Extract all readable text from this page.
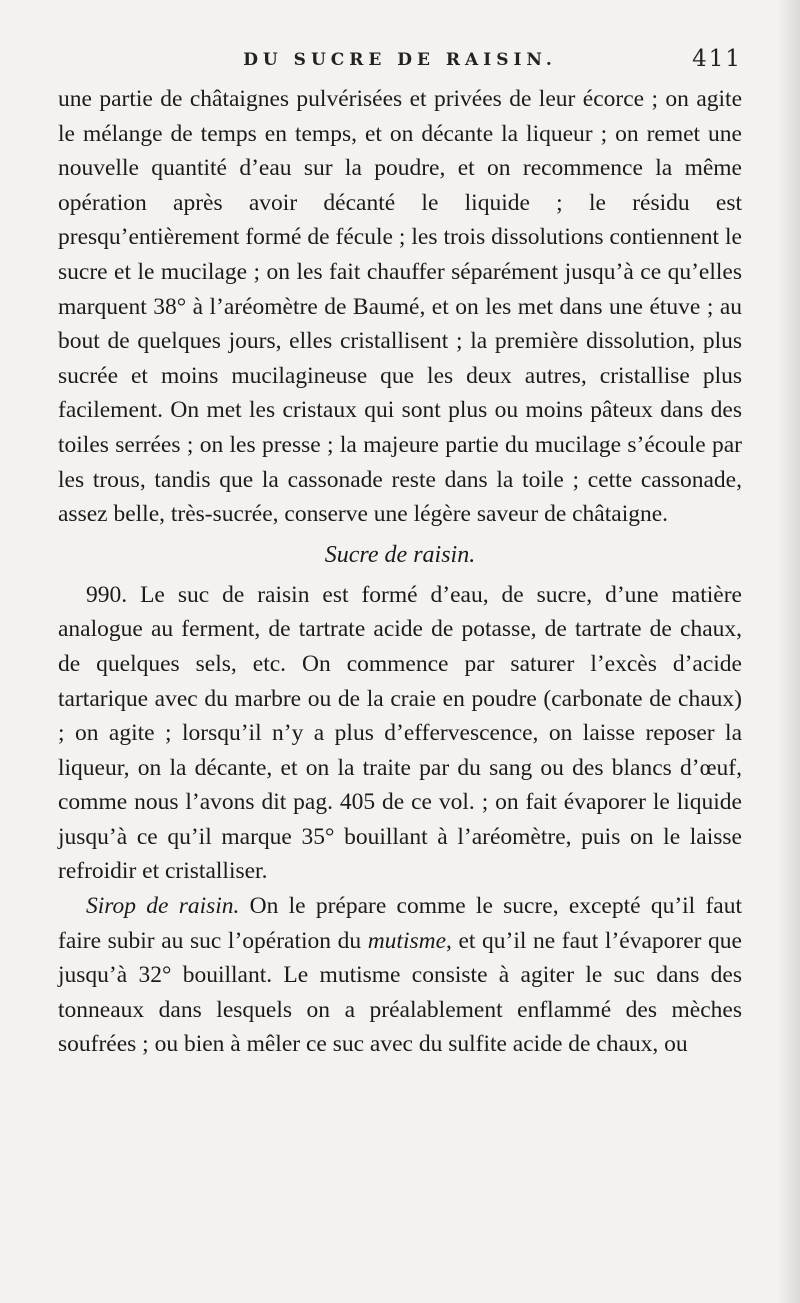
DU SUCRE DE RAISIN.	411

une partie de châtaignes pulvérisées et privées de leur écorce ; on agite le mélange de temps en temps, et on décante la liqueur ; on remet une nouvelle quantité d’eau sur la poudre, et on recommence la même opération après avoir décanté le liquide ; le résidu est presqu’entièrement formé de fécule ; les trois dissolutions contiennent le sucre et le mucilage ; on les fait chauffer séparément jusqu’à ce qu’elles marquent 38° à l’aréomètre de Baumé, et on les met dans une étuve ; au bout de quelques jours, elles cristallisent ; la première dissolution, plus sucrée et moins mucilagineuse que les deux autres, cristallise plus facilement. On met les cristaux qui sont plus ou moins pâteux dans des toiles serrées ; on les presse ; la majeure partie du mucilage s’écoule par les trous, tandis que la cassonade reste dans la toile ; cette cassonade, assez belle, très-sucrée, conserve une légère saveur de châtaigne.

Sucre de raisin.

990. Le suc de raisin est formé d’eau, de sucre, d’une matière analogue au ferment, de tartrate acide de potasse, de tartrate de chaux, de quelques sels, etc. On commence par saturer l’excès d’acide tartarique avec du marbre ou de la craie en poudre (carbonate de chaux) ; on agite ; lorsqu’il n’y a plus d’effervescence, on laisse reposer la liqueur, on la décante, et on la traite par du sang ou des blancs d’œuf, comme nous l’avons dit pag. 405 de ce vol. ; on fait évaporer le liquide jusqu’à ce qu’il marque 35° bouillant à l’aréomètre, puis on le laisse refroidir et cristalliser.

Sirop de raisin. On le prépare comme le sucre, excepté qu’il faut faire subir au suc l’opération du mutisme, et qu’il ne faut l’évaporer que jusqu’à 32° bouillant. Le mutisme consiste à agiter le suc dans des tonneaux dans lesquels on a préalablement enflammé des mèches soufrées ; ou bien à mêler ce suc avec du sulfite acide de chaux, ou
